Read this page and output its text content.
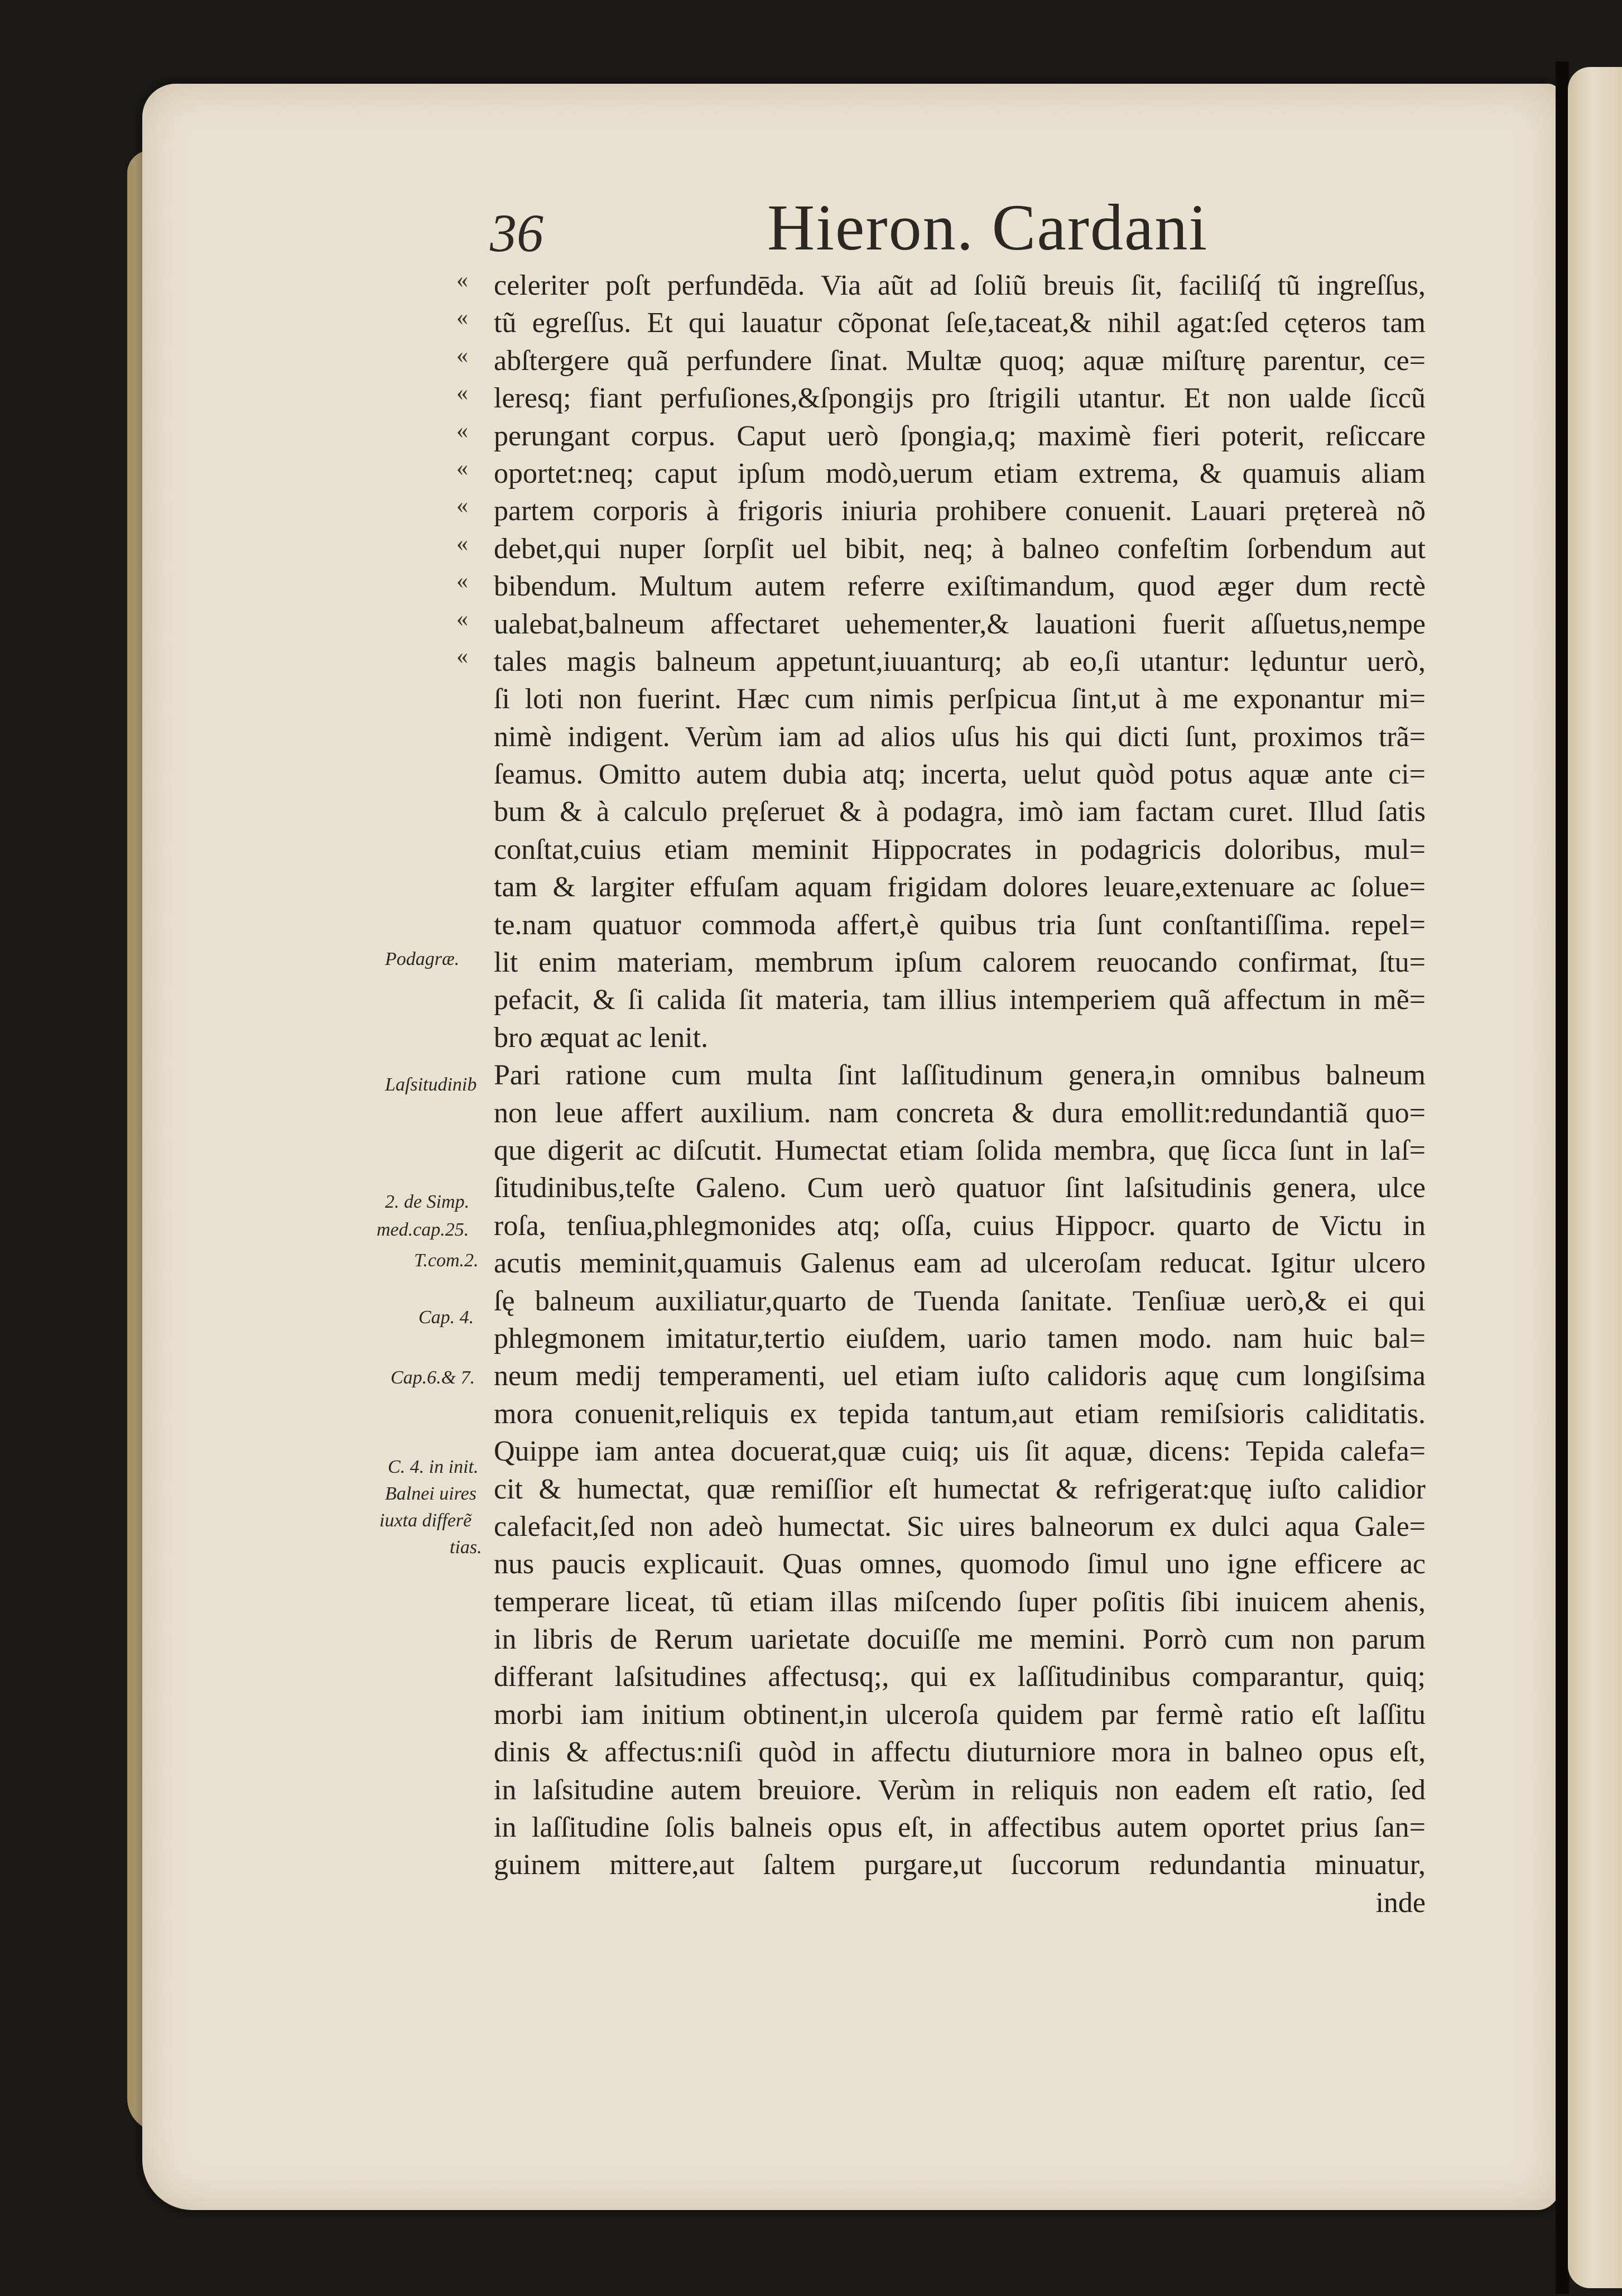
36	Hieron. Cardani
«
«
«
«
«
«
«
«
«
«
«
celeriter poſt perfundēda. Via aũt ad ſoliũ breuis ſit, faciliſq́ tũ ingreſſus,
tũ egreſſus. Et qui lauatur cõponat ſeſe,taceat,& nihil agat:ſed cęteros tam
abſtergere quã perfundere ſinat. Multæ quoq; aquæ miſturę parentur, ce=
leresq; fiant perfuſiones,&ſpongijs pro ſtrigili utantur. Et non ualde ſiccũ
perungant corpus. Caput uerò ſpongia,q; maximè fieri poterit, reſiccare
oportet:neq; caput ipſum modò,uerum etiam extrema, & quamuis aliam
partem corporis à frigoris iniuria prohibere conuenit. Lauari prętereà nõ
debet,qui nuper ſorpſit uel bibit, neq; à balneo confeſtim ſorbendum aut
bibendum. Multum autem referre exiſtimandum, quod æger dum rectè
ualebat,balneum affectaret uehementer,& lauationi fuerit aſſuetus,nempe
tales magis balneum appetunt,iuuanturq; ab eo,ſi utantur: lęduntur uerò,
ſi loti non fuerint. Hæc cum nimis perſpicua ſint,ut à me exponantur mi=
nimè indigent. Verùm iam ad alios uſus his qui dicti ſunt, proximos trã=
ſeamus. Omitto autem dubia atq; incerta, uelut quòd potus aquæ ante ci=
bum & à calculo pręſeruet & à podagra, imò iam factam curet. Illud ſatis
conſtat,cuius etiam meminit Hippocrates in podagricis doloribus, mul=
tam & largiter effuſam aquam frigidam dolores leuare,extenuare ac ſolue=
te.nam quatuor commoda affert,è quibus tria ſunt conſtantiſſima. repel=
lit enim materiam, membrum ipſum calorem reuocando confirmat, ſtu=
pefacit, & ſi calida ſit materia, tam illius intemperiem quã affectum in mẽ=
bro æquat ac lenit.
Pari ratione cum multa ſint laſſitudinum genera,in omnibus balneum
non leue affert auxilium. nam concreta & dura emollit:redundantiã quo=
que digerit ac diſcutit. Humectat etiam ſolida membra, quę ſicca ſunt in laſ=
ſitudinibus,teſte Galeno. Cum uerò quatuor ſint laſsitudinis genera, ulce
roſa, tenſiua,phlegmonides atq; oſſa, cuius Hippocr. quarto de Victu in
acutis meminit,quamuis Galenus eam ad ulceroſam reducat. Igitur ulcero
ſę balneum auxiliatur,quarto de Tuenda ſanitate. Tenſiuæ uerò,& ei qui
phlegmonem imitatur,tertio eiuſdem, uario tamen modo. nam huic bal=
neum medij temperamenti, uel etiam iuſto calidoris aquę cum longiſsima
mora conuenit,reliquis ex tepida tantum,aut etiam remiſsioris caliditatis.
Quippe iam antea docuerat,quæ cuiq; uis ſit aquæ, dicens: Tepida calefa=
cit & humectat, quæ remiſſior eſt humectat & refrigerat:quę iuſto calidior
calefacit,ſed non adeò humectat. Sic uires balneorum ex dulci aqua Gale=
nus paucis explicauit. Quas omnes, quomodo ſimul uno igne efficere ac
temperare liceat, tũ etiam illas miſcendo ſuper poſitis ſibi inuicem ahenis,
in libris de Rerum uarietate docuiſſe me memini. Porrò cum non parum
differant laſsitudines affectusq;, qui ex laſſitudinibus comparantur, quiq;
morbi iam initium obtinent,in ulceroſa quidem par fermè ratio eſt laſſitu
dinis & affectus:niſi quòd in affectu diuturniore mora in balneo opus eſt,
in laſsitudine autem breuiore. Verùm in reliquis non eadem eſt ratio, ſed
in laſſitudine ſolis balneis opus eſt, in affectibus autem oportet prius ſan=
guinem mittere,aut ſaltem purgare,ut ſuccorum redundantia minuatur,
inde
Podagræ.
Laſsitudinib
2. de Simp.
med.cap.25.
T.com.2.
Cap. 4.
Cap.6.& 7.
C. 4. in init.
Balnei uires
iuxta differẽ
tias.
